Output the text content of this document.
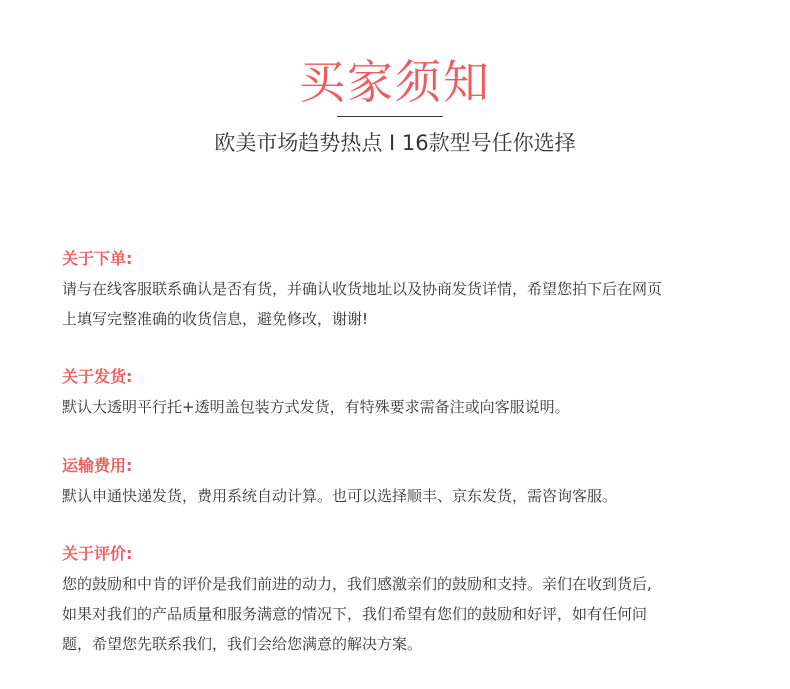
买家须知

欧美市场趋势热点 I 16款型号任你选择

关于下单:
请与在线客服联系确认是否有货，并确认收货地址以及协商发货详情，希望您拍下后在网页
上填写完整准确的收货信息，避免修改，谢谢!
关于发货:
默认大透明平行托+透明盖包装方式发货，有特殊要求需备注或向客服说明。
运输费用:
默认申通快递发货，费用系统自动计算。也可以选择顺丰、京东发货，需咨询客服。
关于评价:
您的鼓励和中肯的评价是我们前进的动力，我们感激亲们的鼓励和支持。亲们在收到货后,
如果对我们的产品质量和服务满意的情况下，我们希望有您们的鼓励和好评，如有任何问
题，希望您先联系我们，我们会给您满意的解决方案。
